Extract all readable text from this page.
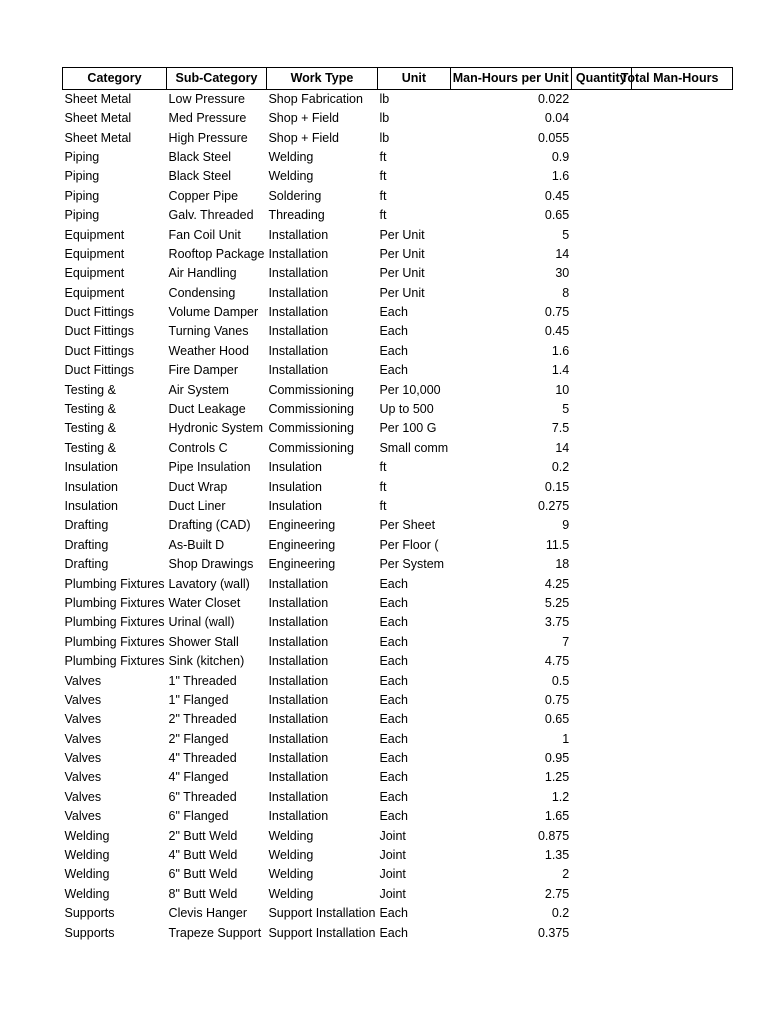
Category	Sub-Category	Work Type	Unit	Man-Hours per Unit	Quantity	Total Man-Hours
Sheet Metal	Low Pressure	Shop Fabrication	lb	0.022		
Sheet Metal	Med Pressure	Shop + Field	lb	0.04		
Sheet Metal	High Pressure	Shop + Field	lb	0.055		
Piping	Black Steel	Welding	ft	0.9		
Piping	Black Steel	Welding	ft	1.6		
Piping	Copper Pipe	Soldering	ft	0.45		
Piping	Galv. Threaded	Threading	ft	0.65		
Equipment	Fan Coil Unit	Installation	Per Unit	5		
Equipment	Rooftop Package	Installation	Per Unit	14		
Equipment	Air Handling	Installation	Per Unit	30		
Equipment	Condensing	Installation	Per Unit	8		
Duct Fittings	Volume Damper	Installation	Each	0.75		
Duct Fittings	Turning Vanes	Installation	Each	0.45		
Duct Fittings	Weather Hood	Installation	Each	1.6		
Duct Fittings	Fire Damper	Installation	Each	1.4		
Testing &	Air System	Commissioning	Per 10,000	10		
Testing &	Duct Leakage	Commissioning	Up to 500	5		
Testing &	Hydronic System	Commissioning	Per 100 G	7.5		
Testing &	Controls C	Commissioning	Small comm	14		
Insulation	Pipe Insulation	Insulation	ft	0.2		
Insulation	Duct Wrap	Insulation	ft	0.15		
Insulation	Duct Liner	Insulation	ft	0.275		
Drafting	Drafting (CAD)	Engineering	Per Sheet	9		
Drafting	As-Built D	Engineering	Per Floor (	11.5		
Drafting	Shop Drawings	Engineering	Per System	18		
Plumbing Fixtures	Lavatory (wall)	Installation	Each	4.25		
Plumbing Fixtures	Water Closet	Installation	Each	5.25		
Plumbing Fixtures	Urinal (wall)	Installation	Each	3.75		
Plumbing Fixtures	Shower Stall	Installation	Each	7		
Plumbing Fixtures	Sink (kitchen)	Installation	Each	4.75		
Valves	1" Threaded	Installation	Each	0.5		
Valves	1" Flanged	Installation	Each	0.75		
Valves	2" Threaded	Installation	Each	0.65		
Valves	2" Flanged	Installation	Each	1		
Valves	4" Threaded	Installation	Each	0.95		
Valves	4" Flanged	Installation	Each	1.25		
Valves	6" Threaded	Installation	Each	1.2		
Valves	6" Flanged	Installation	Each	1.65		
Welding	2" Butt Weld	Welding	Joint	0.875		
Welding	4" Butt Weld	Welding	Joint	1.35		
Welding	6" Butt Weld	Welding	Joint	2		
Welding	8" Butt Weld	Welding	Joint	2.75		
Supports	Clevis Hanger	Support Installation	Each	0.2		
Supports	Trapeze Support	Support Installation	Each	0.375		
